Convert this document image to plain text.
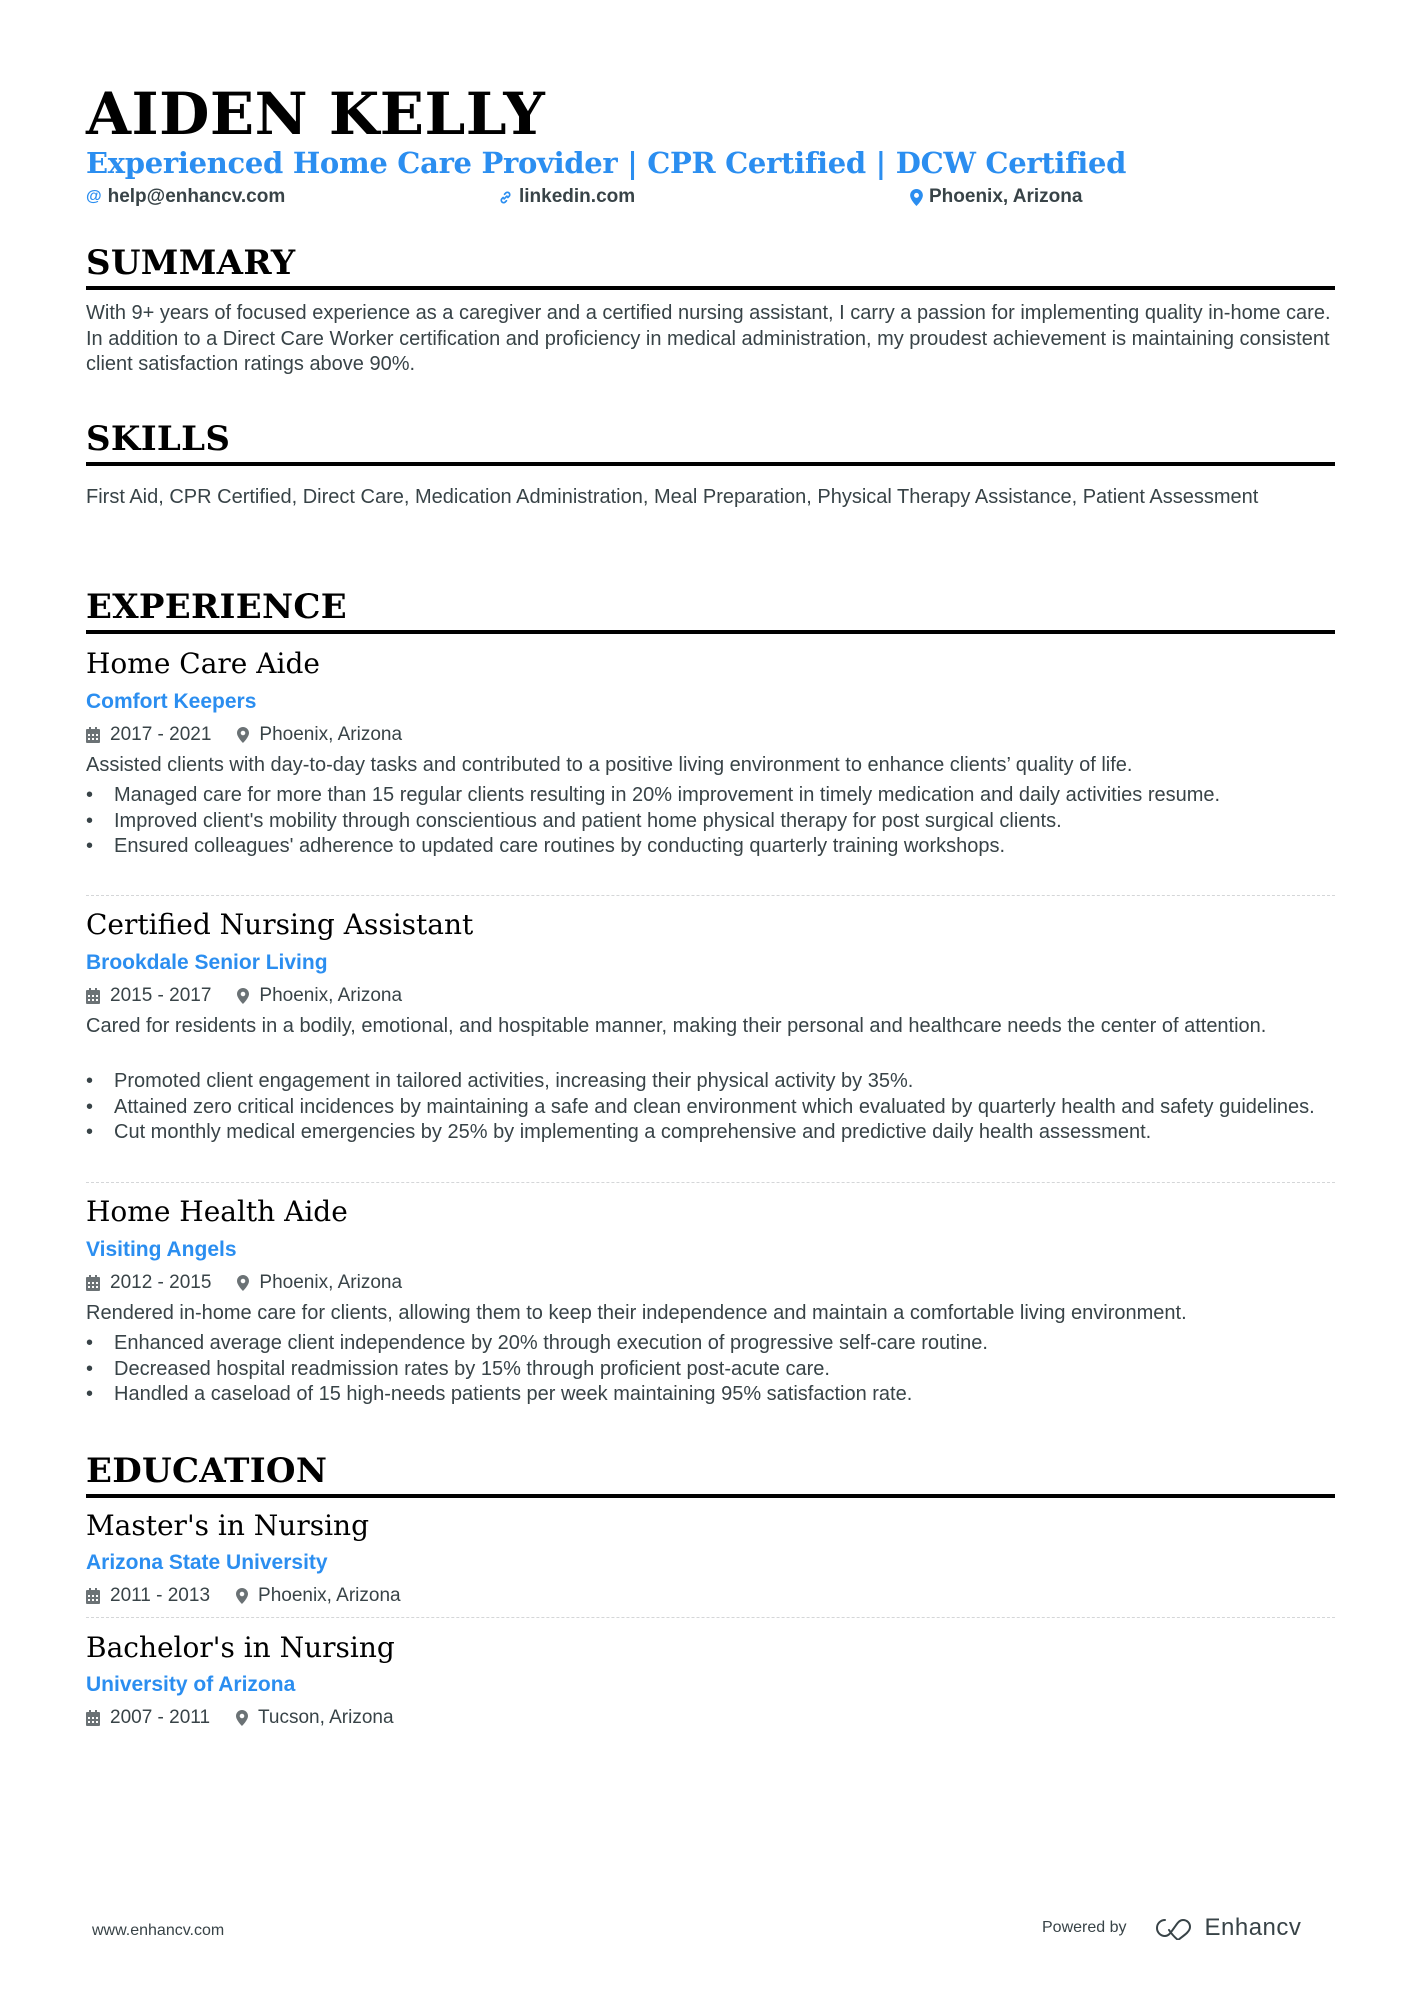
AIDEN KELLY
Experienced Home Care Provider | CPR Certified | DCW Certified
@ help@enhancv.com	linkedin.com	Phoenix, Arizona
SUMMARY
With 9+ years of focused experience as a caregiver and a certified nursing assistant, I carry a passion for implementing quality in-home care. In addition to a Direct Care Worker certification and proficiency in medical administration, my proudest achievement is maintaining consistent client satisfaction ratings above 90%.
SKILLS
First Aid, CPR Certified, Direct Care, Medication Administration, Meal Preparation, Physical Therapy Assistance, Patient Assessment
EXPERIENCE
Home Care Aide
Comfort Keepers
2017 - 2021	Phoenix, Arizona
Assisted clients with day-to-day tasks and contributed to a positive living environment to enhance clients’ quality of life.
• Managed care for more than 15 regular clients resulting in 20% improvement in timely medication and daily activities resume.
• Improved client's mobility through conscientious and patient home physical therapy for post surgical clients.
• Ensured colleagues' adherence to updated care routines by conducting quarterly training workshops.
Certified Nursing Assistant
Brookdale Senior Living
2015 - 2017	Phoenix, Arizona
Cared for residents in a bodily, emotional, and hospitable manner, making their personal and healthcare needs the center of attention.
• Promoted client engagement in tailored activities, increasing their physical activity by 35%.
• Attained zero critical incidences by maintaining a safe and clean environment which evaluated by quarterly health and safety guidelines.
• Cut monthly medical emergencies by 25% by implementing a comprehensive and predictive daily health assessment.
Home Health Aide
Visiting Angels
2012 - 2015	Phoenix, Arizona
Rendered in-home care for clients, allowing them to keep their independence and maintain a comfortable living environment.
• Enhanced average client independence by 20% through execution of progressive self-care routine.
• Decreased hospital readmission rates by 15% through proficient post-acute care.
• Handled a caseload of 15 high-needs patients per week maintaining 95% satisfaction rate.
EDUCATION
Master's in Nursing
Arizona State University
2011 - 2013	Phoenix, Arizona
Bachelor's in Nursing
University of Arizona
2007 - 2011	Tucson, Arizona
www.enhancv.com	Powered by	Enhancv
